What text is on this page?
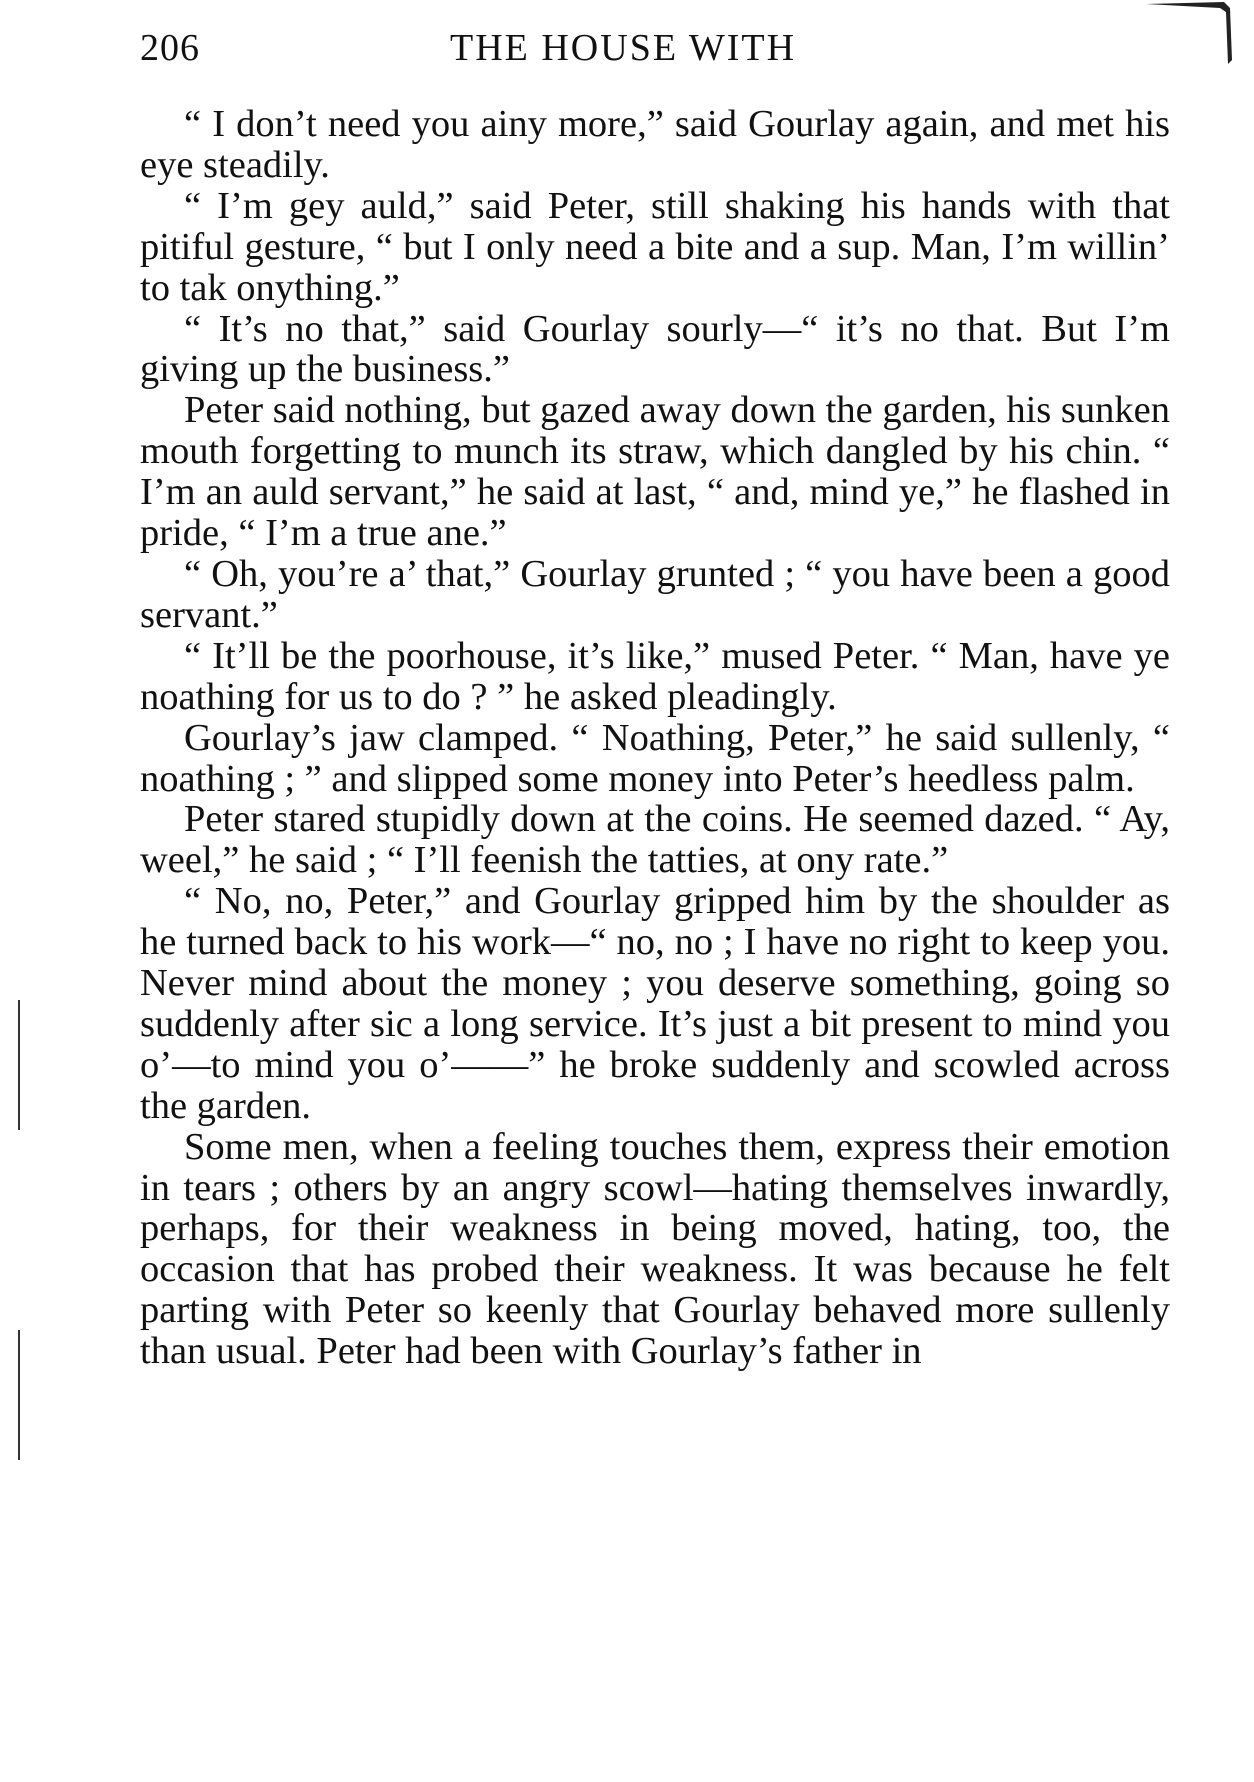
206	THE HOUSE WITH

“ I don’t need you ainy more,” said Gourlay again, and met his eye steadily.

“ I’m gey auld,” said Peter, still shaking his hands with that pitiful gesture, “ but I only need a bite and a sup. Man, I’m willin’ to tak onything.”

“ It’s no that,” said Gourlay sourly—“ it’s no that. But I’m giving up the business.”

Peter said nothing, but gazed away down the garden, his sunken mouth forgetting to munch its straw, which dangled by his chin. “ I’m an auld servant,” he said at last, “ and, mind ye,” he flashed in pride, “ I’m a true ane.”

“ Oh, you’re a’ that,” Gourlay grunted ; “ you have been a good servant.”

“ It’ll be the poorhouse, it’s like,” mused Peter. “ Man, have ye noathing for us to do ? ” he asked pleadingly.

Gourlay’s jaw clamped. “ Noathing, Peter,” he said sullenly, “ noathing ; ” and slipped some money into Peter’s heedless palm.

Peter stared stupidly down at the coins. He seemed dazed. “ Ay, weel,” he said ; “ I’ll feenish the tatties, at ony rate.”

“ No, no, Peter,” and Gourlay gripped him by the shoulder as he turned back to his work—“ no, no ; I have no right to keep you. Never mind about the money ; you deserve something, going so suddenly after sic a long service. It’s just a bit present to mind you o’—to mind you o’——” he broke suddenly and scowled across the garden.

Some men, when a feeling touches them, express their emotion in tears ; others by an angry scowl—hating themselves inwardly, perhaps, for their weakness in being moved, hating, too, the occasion that has probed their weakness. It was because he felt parting with Peter so keenly that Gourlay behaved more sullenly than usual. Peter had been with Gourlay’s father in
